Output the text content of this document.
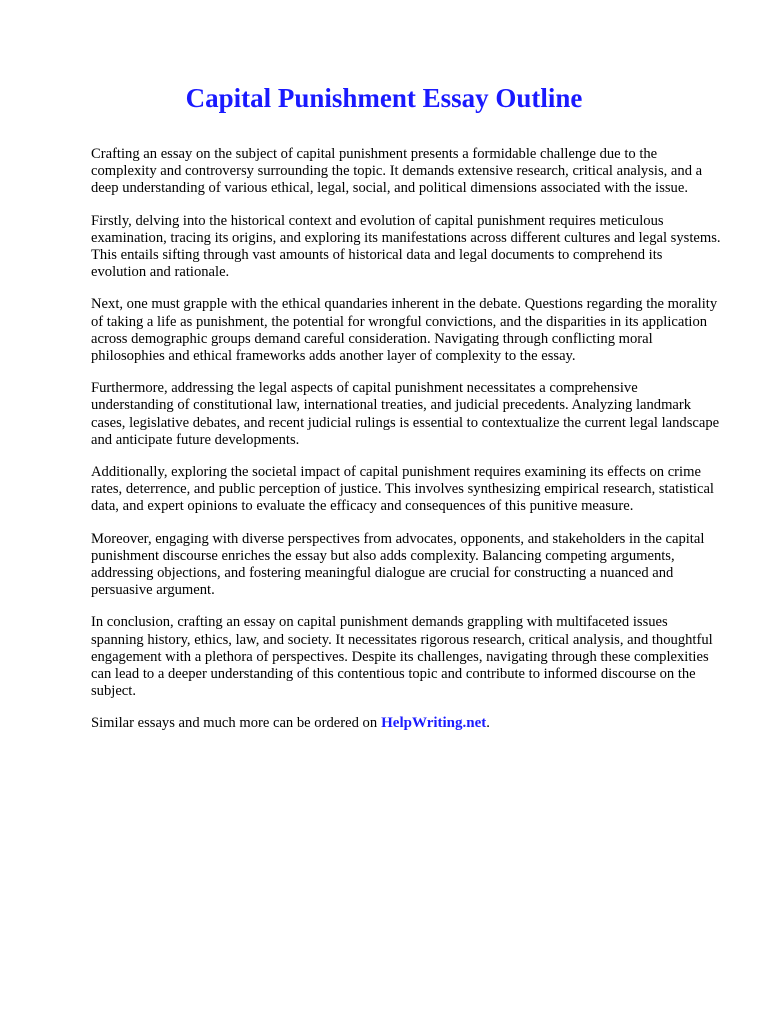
Capital Punishment Essay Outline

Crafting an essay on the subject of capital punishment presents a formidable challenge due to the complexity and controversy surrounding the topic. It demands extensive research, critical analysis, and a deep understanding of various ethical, legal, social, and political dimensions associated with the issue.

Firstly, delving into the historical context and evolution of capital punishment requires meticulous examination, tracing its origins, and exploring its manifestations across different cultures and legal systems. This entails sifting through vast amounts of historical data and legal documents to comprehend its evolution and rationale.

Next, one must grapple with the ethical quandaries inherent in the debate. Questions regarding the morality of taking a life as punishment, the potential for wrongful convictions, and the disparities in its application across demographic groups demand careful consideration. Navigating through conflicting moral philosophies and ethical frameworks adds another layer of complexity to the essay.

Furthermore, addressing the legal aspects of capital punishment necessitates a comprehensive understanding of constitutional law, international treaties, and judicial precedents. Analyzing landmark cases, legislative debates, and recent judicial rulings is essential to contextualize the current legal landscape and anticipate future developments.

Additionally, exploring the societal impact of capital punishment requires examining its effects on crime rates, deterrence, and public perception of justice. This involves synthesizing empirical research, statistical data, and expert opinions to evaluate the efficacy and consequences of this punitive measure.

Moreover, engaging with diverse perspectives from advocates, opponents, and stakeholders in the capital punishment discourse enriches the essay but also adds complexity. Balancing competing arguments, addressing objections, and fostering meaningful dialogue are crucial for constructing a nuanced and persuasive argument.

In conclusion, crafting an essay on capital punishment demands grappling with multifaceted issues spanning history, ethics, law, and society. It necessitates rigorous research, critical analysis, and thoughtful engagement with a plethora of perspectives. Despite its challenges, navigating through these complexities can lead to a deeper understanding of this contentious topic and contribute to informed discourse on the subject.

Similar essays and much more can be ordered on HelpWriting.net.
